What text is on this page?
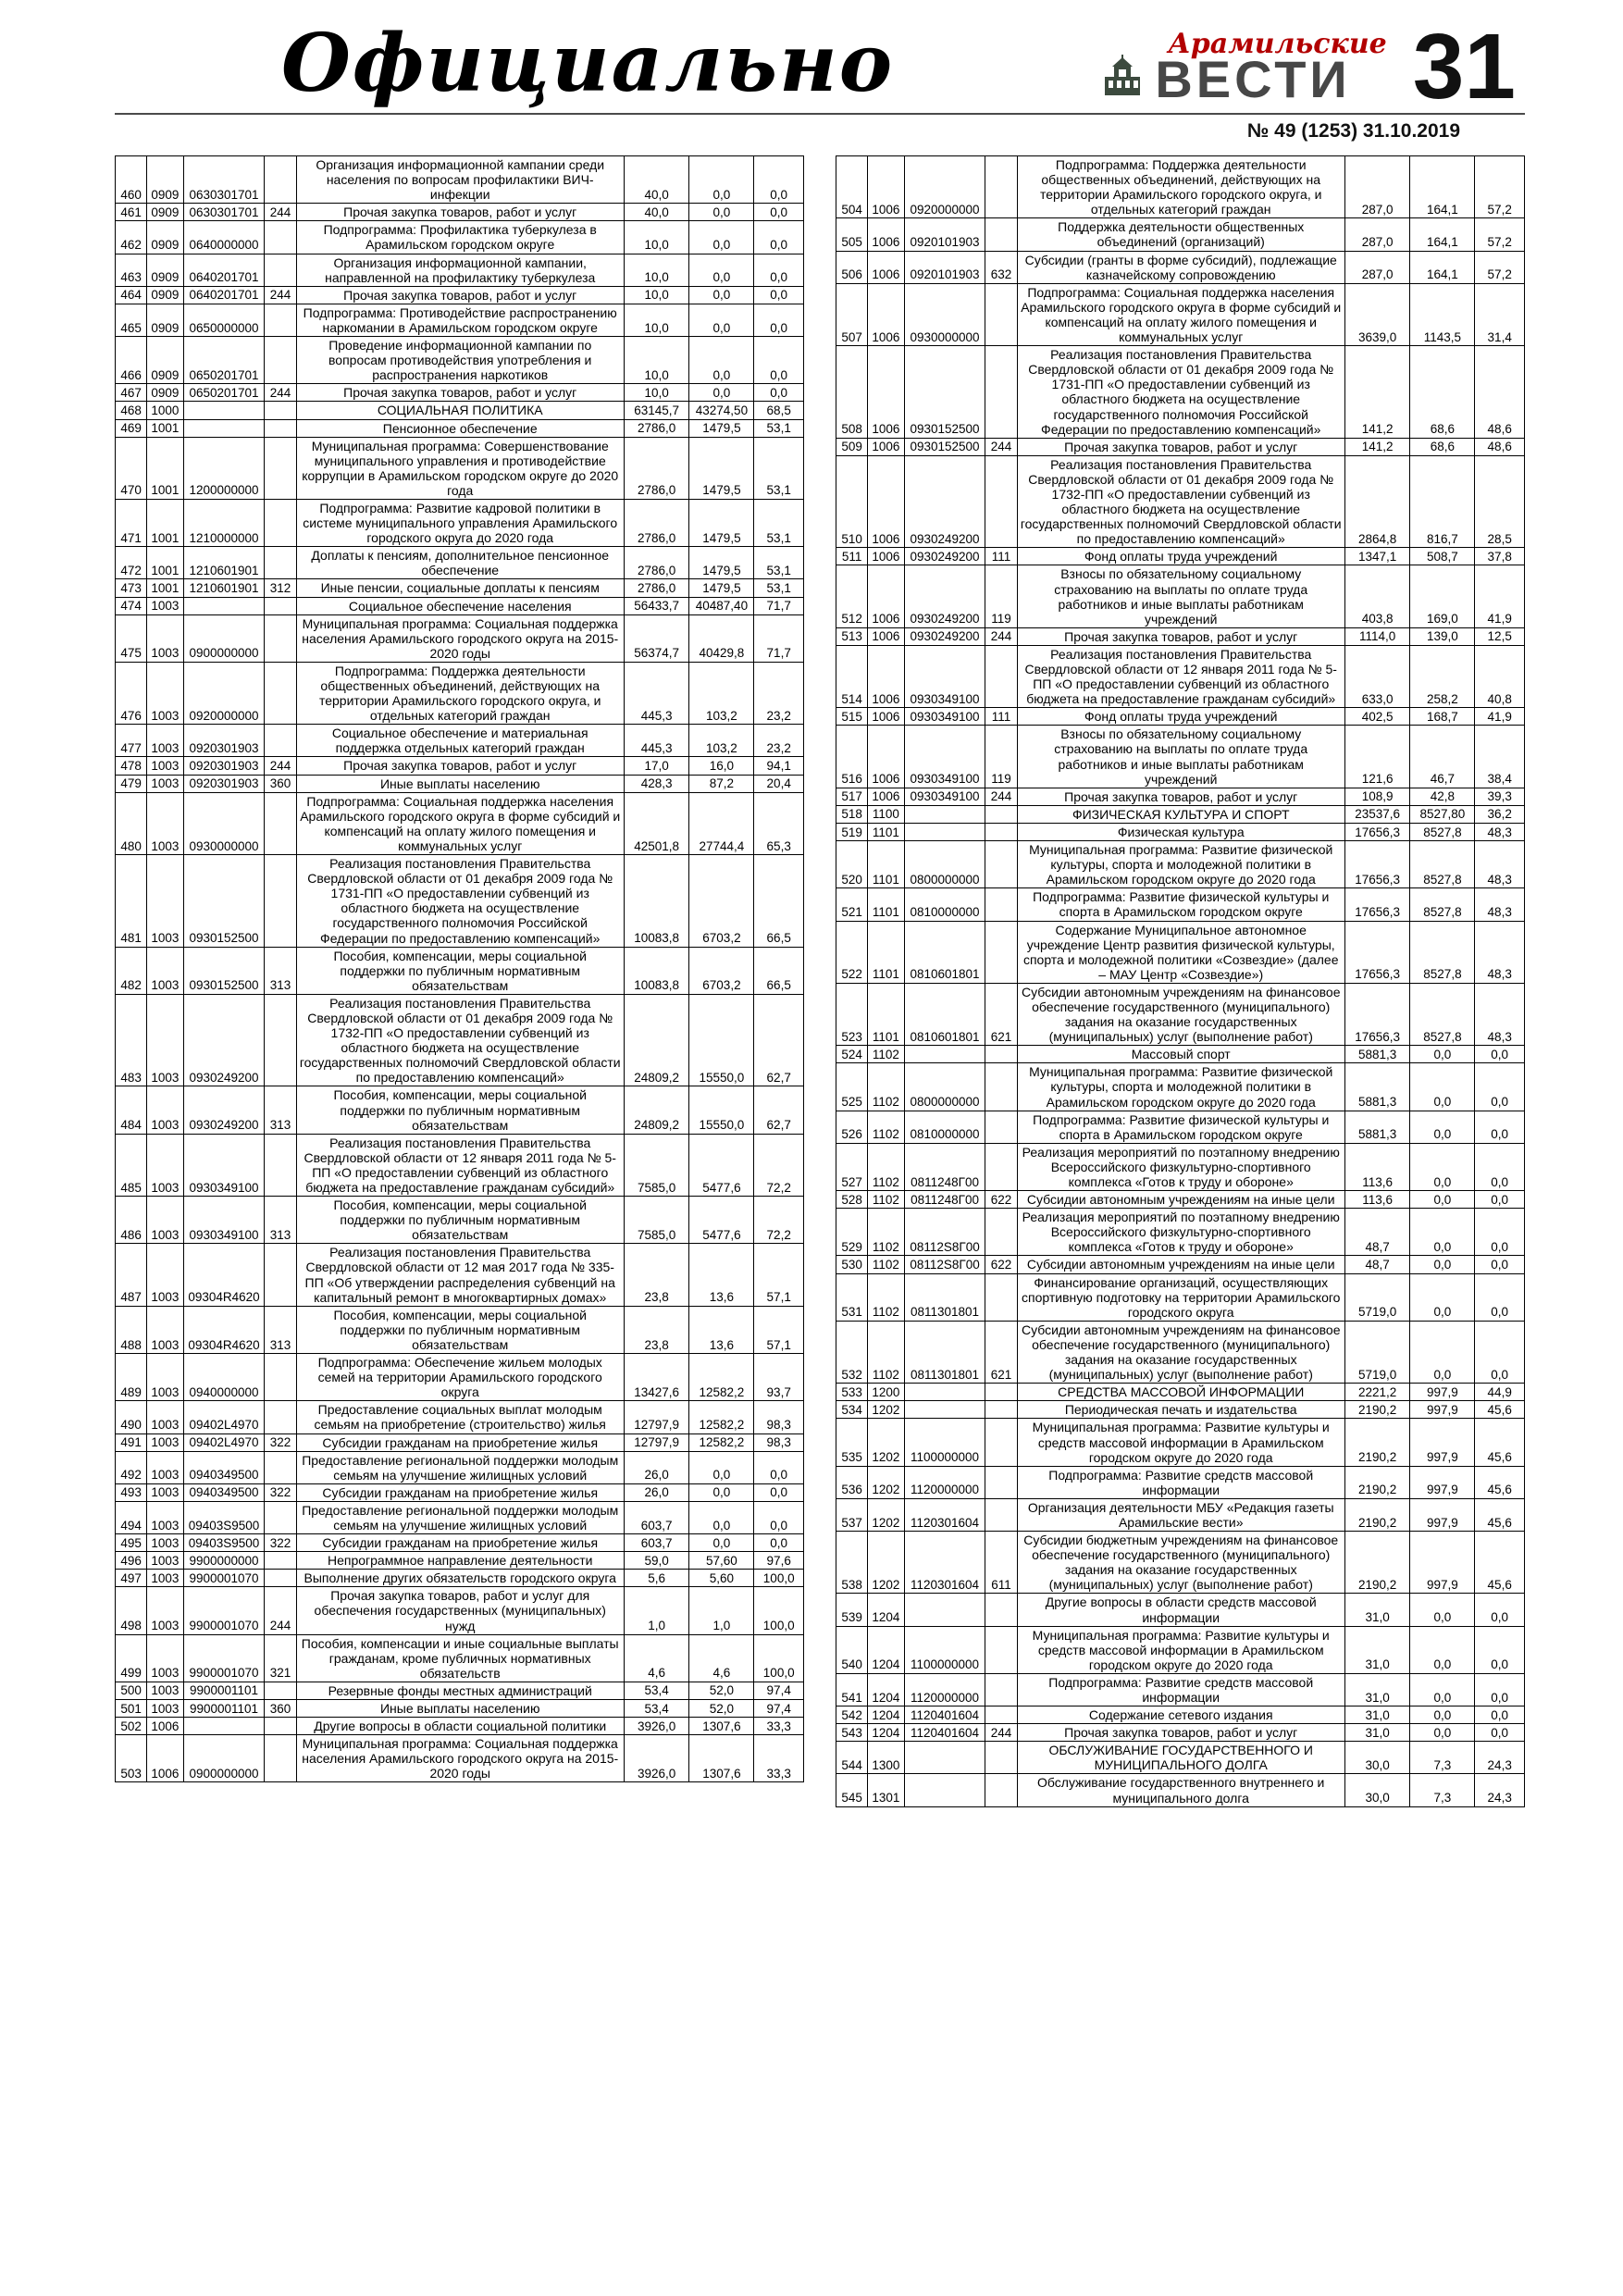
Официально	Арамильские
ВЕСТИ 31
№ 49 (1253) 31.10.2019
460	0909	0630301701		Организация информационной кампании среди населения по вопросам профилактики ВИЧ-инфекции	40,0	0,0	0,0
461	0909	0630301701	244	Прочая закупка товаров, работ и услуг	40,0	0,0	0,0
462	0909	0640000000		Подпрограмма: Профилактика туберкулеза в Арамильском городском округе	10,0	0,0	0,0
463	0909	0640201701		Организация информационной кампании, направленной на профилактику туберкулеза	10,0	0,0	0,0
464	0909	0640201701	244	Прочая закупка товаров, работ и услуг	10,0	0,0	0,0
465	0909	0650000000		Подпрограмма: Противодействие распространению наркомании в Арамильском городском округе	10,0	0,0	0,0
466	0909	0650201701		Проведение информационной кампании по вопросам противодействия употребления и распространения наркотиков	10,0	0,0	0,0
467	0909	0650201701	244	Прочая закупка товаров, работ и услуг	10,0	0,0	0,0
468	1000			СОЦИАЛЬНАЯ ПОЛИТИКА	63145,7	43274,50	68,5
469	1001			Пенсионное обеспечение	2786,0	1479,5	53,1
470	1001	1200000000		Муниципальная программа: Совершенствование муниципального управления и противодействие коррупции в Арамильском городском округе до 2020 года	2786,0	1479,5	53,1
471	1001	1210000000		Подпрограмма: Развитие кадровой политики в системе муниципального управления Арамильского городского округа до 2020 года	2786,0	1479,5	53,1
472	1001	1210601901		Доплаты к пенсиям, дополнительное пенсионное обеспечение	2786,0	1479,5	53,1
473	1001	1210601901	312	Иные пенсии, социальные доплаты к пенсиям	2786,0	1479,5	53,1
474	1003			Социальное обеспечение населения	56433,7	40487,40	71,7
475	1003	0900000000		Муниципальная программа: Социальная поддержка населения Арамильского городского округа на 2015-2020 годы	56374,7	40429,8	71,7
476	1003	0920000000		Подпрограмма: Поддержка деятельности общественных объединений, действующих на территории Арамильского городского округа, и отдельных категорий граждан	445,3	103,2	23,2
477	1003	0920301903		Социальное обеспечение и материальная поддержка отдельных категорий граждан	445,3	103,2	23,2
478	1003	0920301903	244	Прочая закупка товаров, работ и услуг	17,0	16,0	94,1
479	1003	0920301903	360	Иные выплаты населению	428,3	87,2	20,4
480	1003	0930000000		Подпрограмма: Социальная поддержка населения Арамильского городского округа в форме субсидий и компенсаций на оплату жилого помещения и коммунальных услуг	42501,8	27744,4	65,3
481	1003	0930152500		Реализация постановления Правительства Свердловской области от 01 декабря 2009 года № 1731-ПП «О предоставлении субвенций из областного бюджета на осуществление государственного полномочия Российской Федерации по предоставлению компенсаций»	10083,8	6703,2	66,5
482	1003	0930152500	313	Пособия, компенсации, меры социальной поддержки по публичным нормативным обязательствам	10083,8	6703,2	66,5
483	1003	0930249200		Реализация постановления Правительства Свердловской области от 01 декабря 2009 года № 1732-ПП «О предоставлении субвенций из областного бюджета на осуществление государственных полномочий Свердловской области по предоставлению компенсаций»	24809,2	15550,0	62,7
484	1003	0930249200	313	Пособия, компенсации, меры социальной поддержки по публичным нормативным обязательствам	24809,2	15550,0	62,7
485	1003	0930349100		Реализация постановления Правительства Свердловской области от 12 января 2011 года № 5-ПП «О предоставлении субвенций из областного бюджета на предоставление гражданам субсидий»	7585,0	5477,6	72,2
486	1003	0930349100	313	Пособия, компенсации, меры социальной поддержки по публичным нормативным обязательствам	7585,0	5477,6	72,2
487	1003	09304R4620		Реализация постановления Правительства Свердловской области от 12 мая 2017 года № 335-ПП «Об утверждении распределения субвенций на капитальный ремонт в многоквартирных домах»	23,8	13,6	57,1
488	1003	09304R4620	313	Пособия, компенсации, меры социальной поддержки по публичным нормативным обязательствам	23,8	13,6	57,1
489	1003	0940000000		Подпрограмма: Обеспечение жильем молодых семей на территории Арамильского городского округа	13427,6	12582,2	93,7
490	1003	09402L4970		Предоставление социальных выплат молодым семьям на приобретение (строительство) жилья	12797,9	12582,2	98,3
491	1003	09402L4970	322	Субсидии гражданам на приобретение жилья	12797,9	12582,2	98,3
492	1003	0940349500		Предоставление региональной поддержки молодым семьям на улучшение жилищных условий	26,0	0,0	0,0
493	1003	0940349500	322	Субсидии гражданам на приобретение жилья	26,0	0,0	0,0
494	1003	09403S9500		Предоставление региональной поддержки молодым семьям на улучшение жилищных условий	603,7	0,0	0,0
495	1003	09403S9500	322	Субсидии гражданам на приобретение жилья	603,7	0,0	0,0
496	1003	9900000000		Непрограммное направление деятельности	59,0	57,60	97,6
497	1003	9900001070		Выполнение других обязательств городского округа	5,6	5,60	100,0
498	1003	9900001070	244	Прочая закупка товаров, работ и услуг для обеспечения государственных (муниципальных) нужд	1,0	1,0	100,0
499	1003	9900001070	321	Пособия, компенсации и иные социальные выплаты гражданам, кроме публичных нормативных обязательств	4,6	4,6	100,0
500	1003	9900001101		Резервные фонды местных администраций	53,4	52,0	97,4
501	1003	9900001101	360	Иные выплаты населению	53,4	52,0	97,4
502	1006			Другие вопросы в области социальной политики	3926,0	1307,6	33,3
503	1006	0900000000		Муниципальная программа: Социальная поддержка населения Арамильского городского округа на 2015-2020 годы	3926,0	1307,6	33,3
504	1006	0920000000		Подпрограмма: Поддержка деятельности общественных объединений, действующих на территории Арамильского городского округа, и отдельных категорий граждан	287,0	164,1	57,2
505	1006	0920101903		Поддержка деятельности общественных объединений (организаций)	287,0	164,1	57,2
506	1006	0920101903	632	Субсидии (гранты в форме субсидий), подлежащие казначейскому сопровождению	287,0	164,1	57,2
507	1006	0930000000		Подпрограмма: Социальная поддержка населения Арамильского городского округа в форме субсидий и компенсаций на оплату жилого помещения и коммунальных услуг	3639,0	1143,5	31,4
508	1006	0930152500		Реализация постановления Правительства Свердловской области от 01 декабря 2009 года № 1731-ПП «О предоставлении субвенций из областного бюджета на осуществление государственного полномочия Российской Федерации по предоставлению компенсаций»	141,2	68,6	48,6
509	1006	0930152500	244	Прочая закупка товаров, работ и услуг	141,2	68,6	48,6
510	1006	0930249200		Реализация постановления Правительства Свердловской области от 01 декабря 2009 года № 1732-ПП «О предоставлении субвенций из областного бюджета на осуществление государственных полномочий Свердловской области по предоставлению компенсаций»	2864,8	816,7	28,5
511	1006	0930249200	111	Фонд оплаты труда учреждений	1347,1	508,7	37,8
512	1006	0930249200	119	Взносы по обязательному социальному страхованию на выплаты по оплате труда работников и иные выплаты работникам учреждений	403,8	169,0	41,9
513	1006	0930249200	244	Прочая закупка товаров, работ и услуг	1114,0	139,0	12,5
514	1006	0930349100		Реализация постановления Правительства Свердловской области от 12 января 2011 года № 5-ПП «О предоставлении субвенций из областного бюджета на предоставление гражданам субсидий»	633,0	258,2	40,8
515	1006	0930349100	111	Фонд оплаты труда учреждений	402,5	168,7	41,9
516	1006	0930349100	119	Взносы по обязательному социальному страхованию на выплаты по оплате труда работников и иные выплаты работникам учреждений	121,6	46,7	38,4
517	1006	0930349100	244	Прочая закупка товаров, работ и услуг	108,9	42,8	39,3
518	1100			ФИЗИЧЕСКАЯ КУЛЬТУРА И СПОРТ	23537,6	8527,80	36,2
519	1101			Физическая культура	17656,3	8527,8	48,3
520	1101	0800000000		Муниципальная программа: Развитие физической культуры, спорта и молодежной политики в Арамильском городском округе до 2020 года	17656,3	8527,8	48,3
521	1101	0810000000		Подпрограмма: Развитие физической культуры и спорта в Арамильском городском округе	17656,3	8527,8	48,3
522	1101	0810601801		Содержание Муниципальное автономное учреждение Центр развития физической культуры, спорта и молодежной политики «Созвездие» (далее – МАУ Центр «Созвездие»)	17656,3	8527,8	48,3
523	1101	0810601801	621	Субсидии автономным учреждениям на финансовое обеспечение государственного (муниципального) задания на оказание государственных (муниципальных) услуг (выполнение работ)	17656,3	8527,8	48,3
524	1102			Массовый спорт	5881,3	0,0	0,0
525	1102	0800000000		Муниципальная программа: Развитие физической культуры, спорта и молодежной политики в Арамильском городском округе до 2020 года	5881,3	0,0	0,0
526	1102	0810000000		Подпрограмма: Развитие физической культуры и спорта в Арамильском городском округе	5881,3	0,0	0,0
527	1102	0811248Г00		Реализация мероприятий по поэтапному внедрению Всероссийского физкультурно-спортивного комплекса «Готов к труду и обороне»	113,6	0,0	0,0
528	1102	0811248Г00	622	Субсидии автономным учреждениям на иные цели	113,6	0,0	0,0
529	1102	08112S8Г00		Реализация мероприятий по поэтапному внедрению Всероссийского физкультурно-спортивного комплекса «Готов к труду и обороне»	48,7	0,0	0,0
530	1102	08112S8Г00	622	Субсидии автономным учреждениям на иные цели	48,7	0,0	0,0
531	1102	0811301801		Финансирование организаций, осуществляющих спортивную подготовку на территории Арамильского городского округа	5719,0	0,0	0,0
532	1102	0811301801	621	Субсидии автономным учреждениям на финансовое обеспечение государственного (муниципального) задания на оказание государственных (муниципальных) услуг (выполнение работ)	5719,0	0,0	0,0
533	1200			СРЕДСТВА МАССОВОЙ ИНФОРМАЦИИ	2221,2	997,9	44,9
534	1202			Периодическая печать и издательства	2190,2	997,9	45,6
535	1202	1100000000		Муниципальная программа: Развитие культуры и средств массовой информации в Арамильском городском округе до 2020 года	2190,2	997,9	45,6
536	1202	1120000000		Подпрограмма: Развитие средств массовой информации	2190,2	997,9	45,6
537	1202	1120301604		Организация деятельности МБУ «Редакция газеты Арамильские вести»	2190,2	997,9	45,6
538	1202	1120301604	611	Субсидии бюджетным учреждениям на финансовое обеспечение государственного (муниципального) задания на оказание государственных (муниципальных) услуг (выполнение работ)	2190,2	997,9	45,6
539	1204			Другие вопросы в области средств массовой информации	31,0	0,0	0,0
540	1204	1100000000		Муниципальная программа: Развитие культуры и средств массовой информации в Арамильском городском округе до 2020 года	31,0	0,0	0,0
541	1204	1120000000		Подпрограмма: Развитие средств массовой информации	31,0	0,0	0,0
542	1204	1120401604		Содержание сетевого издания	31,0	0,0	0,0
543	1204	1120401604	244	Прочая закупка товаров, работ и услуг	31,0	0,0	0,0
544	1300			ОБСЛУЖИВАНИЕ ГОСУДАРСТВЕННОГО И МУНИЦИПАЛЬНОГО ДОЛГА	30,0	7,3	24,3
545	1301			Обслуживание государственного внутреннего и муниципального долга	30,0	7,3	24,3
